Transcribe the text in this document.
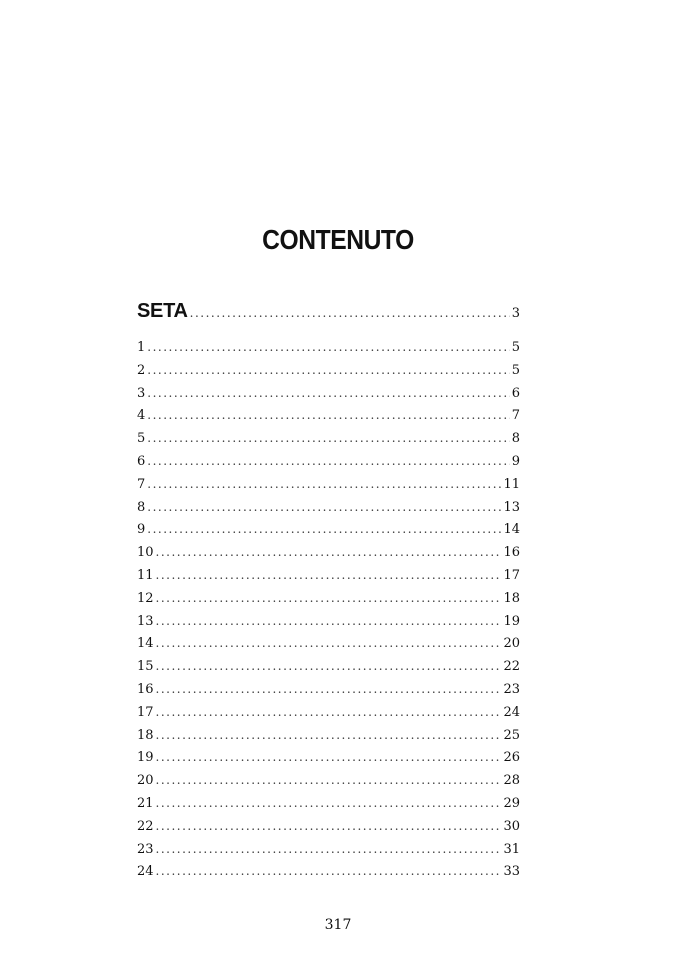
CONTENUTO
SETA .....	3
1 .....	5
2 .....	5
3 .....	6
4 .....	7
5 .....	8
6 .....	9
7 .....	11
8 .....	13
9 .....	14
10 .....	16
11 .....	17
12 .....	18
13 .....	19
14 .....	20
15 .....	22
16 .....	23
17 .....	24
18 .....	25
19 .....	26
20 .....	28
21 .....	29
22 .....	30
23 .....	31
24 .....	33
317
